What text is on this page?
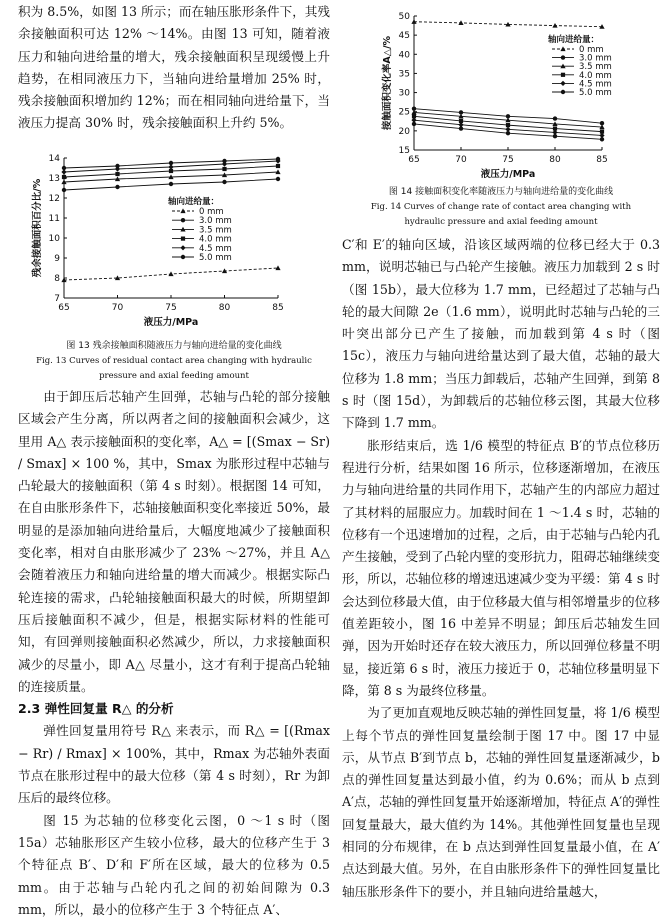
积为 8.5%，如图 13 所示；而在轴压胀形条件下，其残余接触面积可达 12% ～14%。由图 13 可知，随着液压力和轴向进给量的增大，残余接触面积呈现缓慢上升趋势，在相同液压力下，当轴向进给量增加 25% 时，残余接触面积增加约 12%；而在相同轴向进给量下，当液压力提高 30% 时，残余接触面积上升约 5%。

7
8
9
10
11
12
13
14
65	70	75	80	85
液压力/MPa
残余接触面积百分比/%	轴向进给量：
0 mm
3.0 mm
3.5 mm
4.0 mm
4.5 mm
5.0 mm

图 13 残余接触面积随液压力与轴向进给量的变化曲线

Fig. 13 Curves of residual contact area changing with hydraulic

pressure and axial feeding amount

由于卸压后芯轴产生回弹，芯轴与凸轮的部分接触区域会产生分离，所以两者之间的接触面积会减少，这里用 A△ 表示接触面积的变化率，A△ = [(Smax − Sr) / Smax] × 100 %，其中，Smax 为胀形过程中芯轴与凸轮最大的接触面积（第 4 s 时刻）。根据图 14 可知，在自由胀形条件下，芯轴接触面积变化率接近 50%，最明显的是添加轴向进给量后，大幅度地减少了接触面积变化率，相对自由胀形减少了 23% ～27%，并且 A△ 会随着液压力和轴向进给量的增大而减少。根据实际凸轮连接的需求，凸轮轴接触面积最大的时候，所期望卸压后接触面积不减少，但是，根据实际材料的性能可知，有回弹则接触面积必然减少，所以，力求接触面积减少的尽量小，即 A△ 尽量小，这才有利于提高凸轮轴的连接质量。

2.3 弹性回复量 R△ 的分析

弹性回复量用符号 R△ 来表示，而 R△ = [(Rmax − Rr) / Rmax] × 100%，其中，Rmax 为芯轴外表面节点在胀形过程中的最大位移（第 4 s 时刻），Rr 为卸压后的最终位移。

图 15 为芯轴的位移变化云图，0 ～1 s 时（图 15a）芯轴胀形区产生较小位移，最大的位移产生于 3 个特征点 B′、D′和 F′所在区域，最大的位移为 0.5 mm。由于芯轴与凸轮内孔之间的初始间隙为 0.3 mm，所以，最小的位移产生于 3 个特征点 A′、

15
20
25
30
35
40
45
50
65	70	75	80	85
液压力/MPa
接触面积变化率A△/%	轴向进给量：
0 mm
3.0 mm
3.5 mm
4.0 mm
4.5 mm
5.0 mm

图 14 接触面积变化率随液压力与轴向进给量的变化曲线

Fig. 14 Curves of change rate of contact area changing with

hydraulic pressure and axial feeding amount

C′和 E′的轴向区域，沿该区域两端的位移已经大于 0.3 mm，说明芯轴已与凸轮产生接触。液压力加载到 2 s 时（图 15b），最大位移为 1.7 mm，已经超过了芯轴与凸轮的最大间隙 2e（1.6 mm），说明此时芯轴与凸轮的三叶突出部分已产生了接触，而加载到第 4 s 时（图 15c），液压力与轴向进给量达到了最大值，芯轴的最大位移为 1.8 mm；当压力卸载后，芯轴产生回弹，到第 8 s 时（图 15d），为卸载后的芯轴位移云图，其最大位移下降到 1.7 mm。

胀形结束后，选 1/6 模型的特征点 B′的节点位移历程进行分析，结果如图 16 所示，位移逐渐增加，在液压力与轴向进给量的共同作用下，芯轴产生的内部应力超过了其材料的屈服应力。加载时间在 1 ～1.4 s 时，芯轴的位移有一个迅速增加的过程，之后，由于芯轴与凸轮内孔产生接触，受到了凸轮内壁的变形抗力，阻碍芯轴继续变形，所以，芯轴位移的增速迅速减少变为平缓：第 4 s 时会达到位移最大值，由于位移最大值与相邻增量步的位移值差距较小，图 16 中差异不明显；卸压后芯轴发生回弹，因为开始时还存在较大液压力，所以回弹位移量不明显，接近第 6 s 时，液压力接近于 0，芯轴位移量明显下降，第 8 s 为最终位移量。

为了更加直观地反映芯轴的弹性回复量，将 1/6 模型上每个节点的弹性回复量绘制于图 17 中。图 17 中显示，从节点 B′到节点 b，芯轴的弹性回复量逐渐减少，b 点的弹性回复量达到最小值，约为 0.6%；而从 b 点到 A′点，芯轴的弹性回复量开始逐渐增加，特征点 A′的弹性回复量最大，最大值约为 14%。其他弹性回复量也呈现相同的分布规律，在 b 点达到弹性回复量最小值，在 A′点达到最大值。另外，在自由胀形条件下的弹性回复量比轴压胀形条件下的要小，并且轴向进给量越大，
